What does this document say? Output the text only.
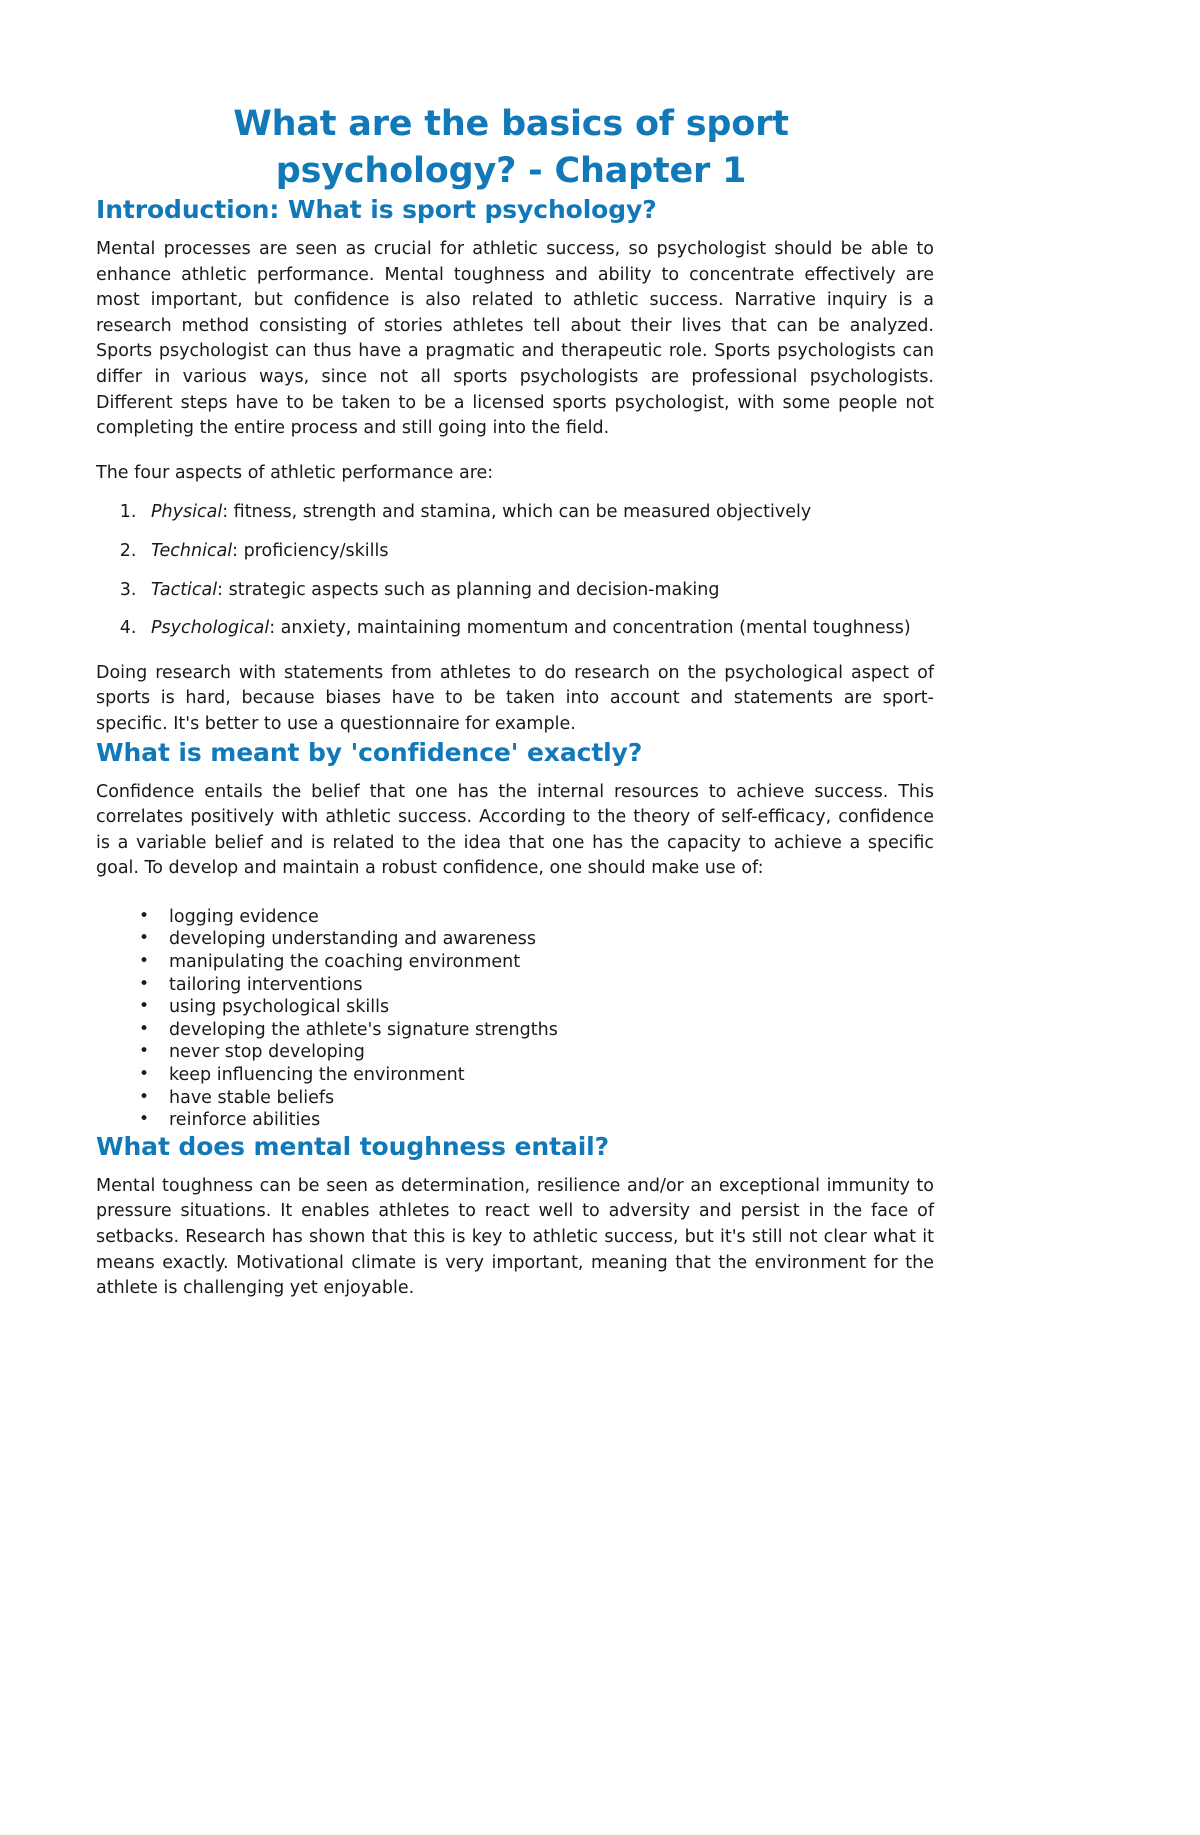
What are the basics of sport psychology? - Chapter 1
Introduction: What is sport psychology?

Mental processes are seen as crucial for athletic success, so psychologist should be able to enhance athletic performance. Mental toughness and ability to concentrate effectively are most important, but confidence is also related to athletic success. Narrative inquiry is a research method consisting of stories athletes tell about their lives that can be analyzed. Sports psychologist can thus have a pragmatic and therapeutic role. Sports psychologists can differ in various ways, since not all sports psychologists are professional psychologists. Different steps have to be taken to be a licensed sports psychologist, with some people not completing the entire process and still going into the field.

The four aspects of athletic performance are:

1. Physical: fitness, strength and stamina, which can be measured objectively
2. Technical: proficiency/skills
3. Tactical: strategic aspects such as planning and decision-making
4. Psychological: anxiety, maintaining momentum and concentration (mental toughness)

Doing research with statements from athletes to do research on the psychological aspect of sports is hard, because biases have to be taken into account and statements are sport-specific. It's better to use a questionnaire for example.

What is meant by 'confidence' exactly?

Confidence entails the belief that one has the internal resources to achieve success. This correlates positively with athletic success. According to the theory of self-efficacy, confidence is a variable belief and is related to the idea that one has the capacity to achieve a specific goal. To develop and maintain a robust confidence, one should make use of:

• logging evidence
• developing understanding and awareness
• manipulating the coaching environment
• tailoring interventions
• using psychological skills
• developing the athlete's signature strengths
• never stop developing
• keep influencing the environment
• have stable beliefs
• reinforce abilities
What does mental toughness entail?

Mental toughness can be seen as determination, resilience and/or an exceptional immunity to pressure situations. It enables athletes to react well to adversity and persist in the face of setbacks. Research has shown that this is key to athletic success, but it's still not clear what it means exactly. Motivational climate is very important, meaning that the environment for the athlete is challenging yet enjoyable.
